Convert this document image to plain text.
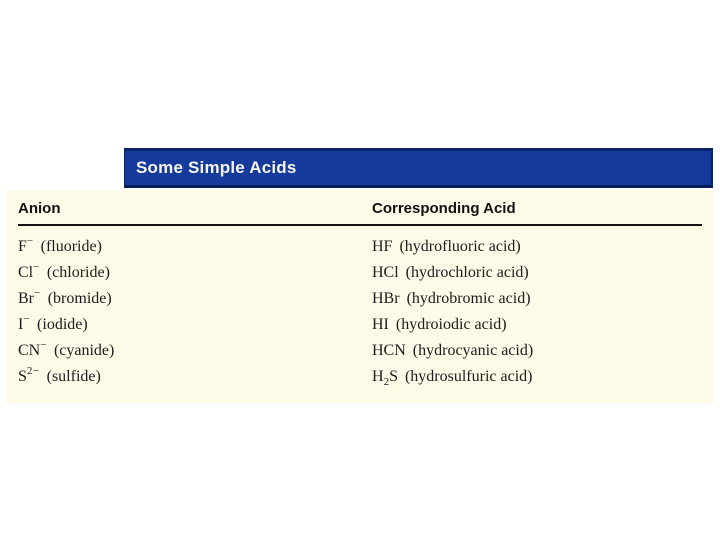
Some Simple Acids
Anion	Corresponding Acid
F− (fluoride)	HF (hydrofluoric acid)
Cl− (chloride)	HCl (hydrochloric acid)
Br− (bromide)	HBr (hydrobromic acid)
I− (iodide)	HI (hydroiodic acid)
CN− (cyanide)	HCN (hydrocyanic acid)
$S^{2-}$ (sulfide)	$H_2S$ (hydrosulfuric acid)
